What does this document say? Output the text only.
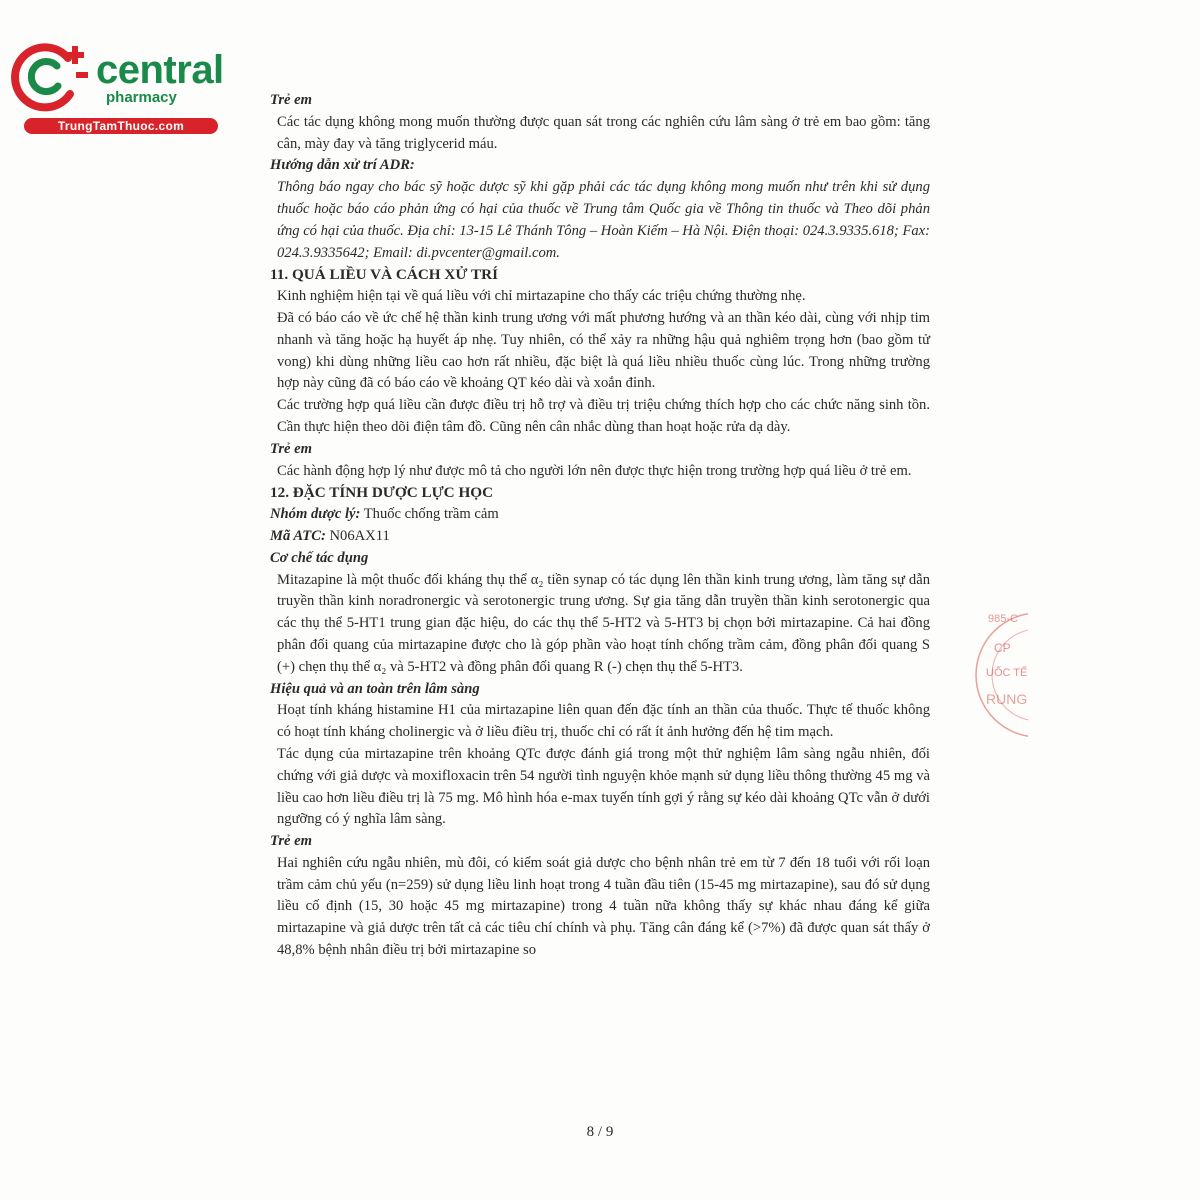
central
pharmacy
TrungTamThuoc.com
Trẻ em

Các tác dụng không mong muốn thường được quan sát trong các nghiên cứu lâm sàng ở trẻ em bao gồm: tăng cân, mày đay và tăng triglycerid máu.

Hướng dẫn xử trí ADR:

Thông báo ngay cho bác sỹ hoặc dược sỹ khi gặp phải các tác dụng không mong muốn như trên khi sử dụng thuốc hoặc báo cáo phản ứng có hại của thuốc về Trung tâm Quốc gia về Thông tin thuốc và Theo dõi phản ứng có hại của thuốc. Địa chỉ: 13-15 Lê Thánh Tông – Hoàn Kiếm – Hà Nội. Điện thoại: 024.3.9335.618; Fax: 024.3.9335642; Email: di.pvcenter@gmail.com.

11. QUÁ LIỀU VÀ CÁCH XỬ TRÍ

Kinh nghiệm hiện tại về quá liều với chỉ mirtazapine cho thấy các triệu chứng thường nhẹ.

Đã có báo cáo về ức chế hệ thần kinh trung ương với mất phương hướng và an thần kéo dài, cùng với nhịp tim nhanh và tăng hoặc hạ huyết áp nhẹ. Tuy nhiên, có thể xảy ra những hậu quả nghiêm trọng hơn (bao gồm tử vong) khi dùng những liều cao hơn rất nhiều, đặc biệt là quá liều nhiều thuốc cùng lúc. Trong những trường hợp này cũng đã có báo cáo về khoảng QT kéo dài và xoắn đỉnh.

Các trường hợp quá liều cần được điều trị hỗ trợ và điều trị triệu chứng thích hợp cho các chức năng sinh tồn. Cần thực hiện theo dõi điện tâm đồ. Cũng nên cân nhắc dùng than hoạt hoặc rửa dạ dày.

Trẻ em

Các hành động hợp lý như được mô tả cho người lớn nên được thực hiện trong trường hợp quá liều ở trẻ em.

12. ĐẶC TÍNH DƯỢC LỰC HỌC
Nhóm dược lý: Thuốc chống trầm cảm
Mã ATC: N06AX11
Cơ chế tác dụng

Mitazapine là một thuốc đối kháng thụ thể α₂ tiền synap có tác dụng lên thần kinh trung ương, làm tăng sự dẫn truyền thần kinh noradronergic và serotonergic trung ương. Sự gia tăng dẫn truyền thần kinh serotonergic qua các thụ thể 5-HT1 trung gian đặc hiệu, do các thụ thể 5-HT2 và 5-HT3 bị chọn bởi mirtazapine. Cả hai đồng phân đối quang của mirtazapine được cho là góp phần vào hoạt tính chống trầm cảm, đồng phân đối quang S (+) chẹn thụ thể α₂ và 5-HT2 và đồng phân đối quang R (-) chẹn thụ thể 5-HT3.

Hiệu quả và an toàn trên lâm sàng

Hoạt tính kháng histamine H1 của mirtazapine liên quan đến đặc tính an thần của thuốc. Thực tế thuốc không có hoạt tính kháng cholinergic và ở liều điều trị, thuốc chỉ có rất ít ảnh hưởng đến hệ tim mạch.

Tác dụng của mirtazapine trên khoảng QTc được đánh giá trong một thử nghiệm lâm sàng ngẫu nhiên, đối chứng với giả dược và moxifloxacin trên 54 người tình nguyện khỏe mạnh sử dụng liều thông thường 45 mg và liều cao hơn liều điều trị là 75 mg. Mô hình hóa e-max tuyến tính gợi ý rằng sự kéo dài khoảng QTc vẫn ở dưới ngưỡng có ý nghĩa lâm sàng.

Trẻ em

Hai nghiên cứu ngẫu nhiên, mù đôi, có kiểm soát giả dược cho bệnh nhân trẻ em từ 7 đến 18 tuổi với rối loạn trầm cảm chủ yếu (n=259) sử dụng liều linh hoạt trong 4 tuần đầu tiên (15-45 mg mirtazapine), sau đó sử dụng liều cố định (15, 30 hoặc 45 mg mirtazapine) trong 4 tuần nữa không thấy sự khác nhau đáng kể giữa mirtazapine và giả dược trên tất cả các tiêu chí chính và phụ. Tăng cân đáng kể (>7%) đã được quan sát thấy ở 48,8% bệnh nhân điều trị bởi mirtazapine so

8 / 9
985-C
CP
UỐC TẾ
RUNG
